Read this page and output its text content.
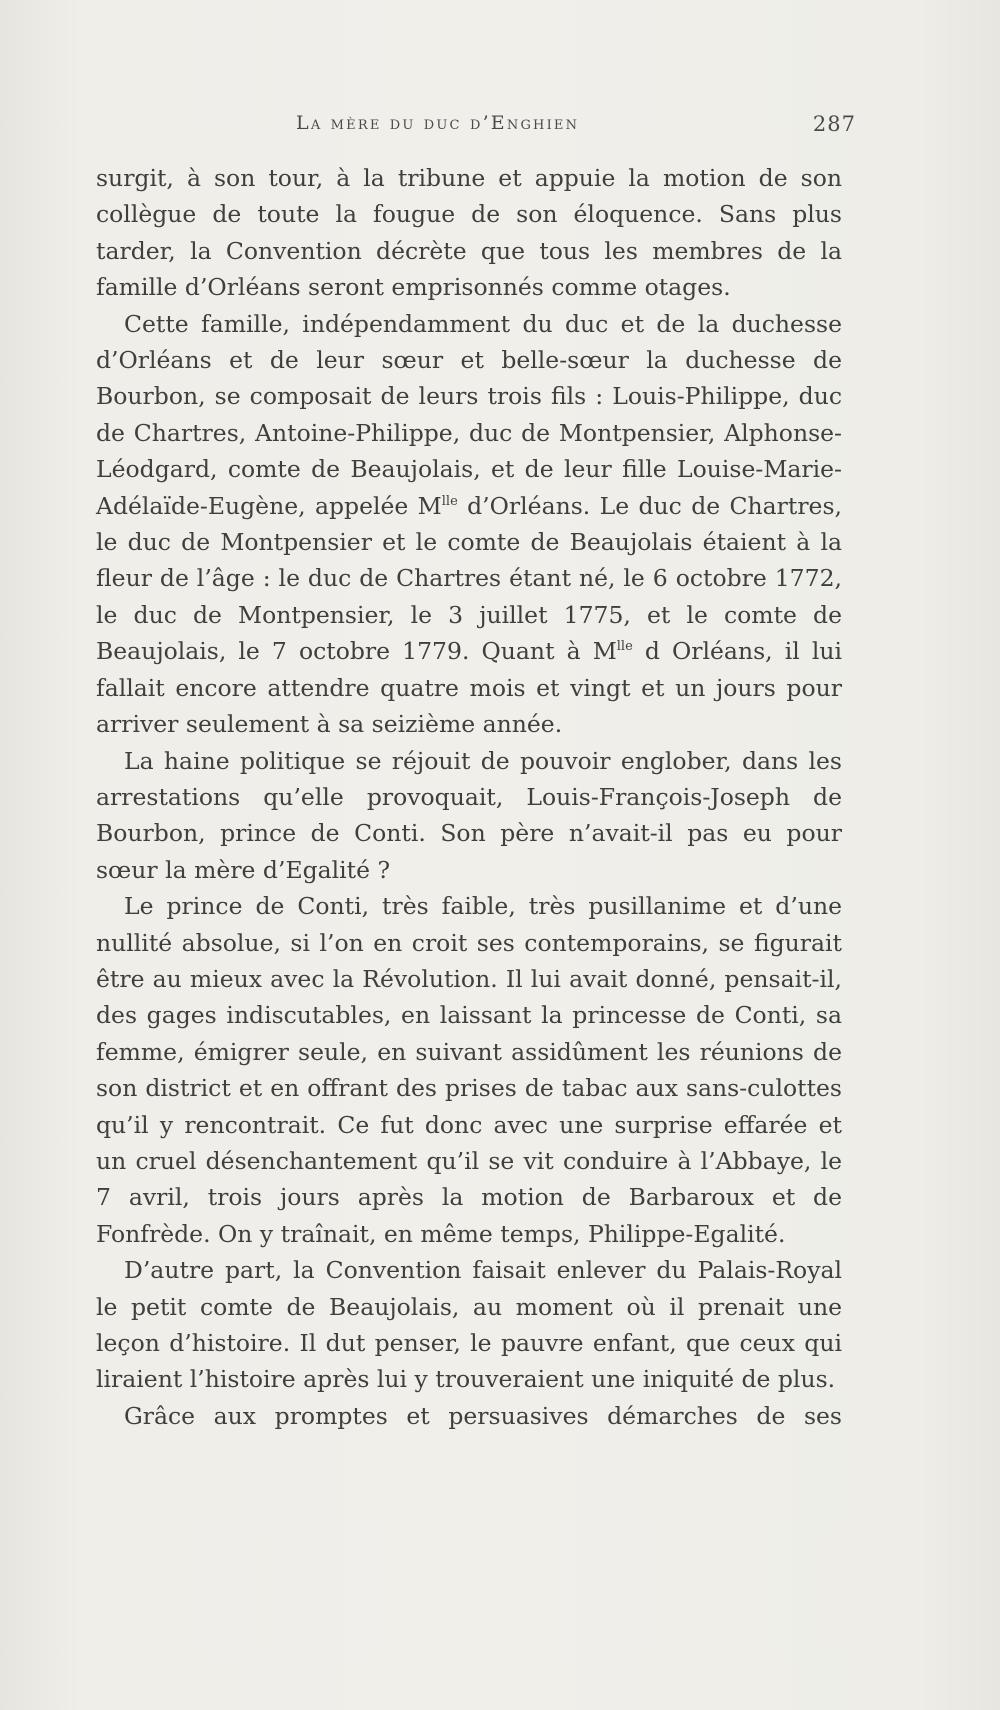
La mère du duc d’Enghien	287

surgit, à son tour, à la tribune et appuie la motion de son collègue de toute la fougue de son éloquence. Sans plus tarder, la Convention décrète que tous les membres de la famille d’Orléans seront emprisonnés comme otages.

Cette famille, indépendamment du duc et de la duchesse d’Orléans et de leur sœur et belle-sœur la duchesse de Bourbon, se composait de leurs trois fils : Louis-Philippe, duc de Chartres, Antoine-Philippe, duc de Montpensier, Alphonse-Léodgard, comte de Beaujolais, et de leur fille Louise-Marie-Adélaïde-Eugène, appelée $M^{lle}$ d’Orléans. Le duc de Chartres, le duc de Montpensier et le comte de Beaujolais étaient à la fleur de l’âge : le duc de Chartres étant né, le 6 octobre 1772, le duc de Montpensier, le 3 juillet 1775, et le comte de Beaujolais, le 7 octobre 1779. Quant à $M^{lle}$ d Orléans, il lui fallait encore attendre quatre mois et vingt et un jours pour arriver seulement à sa seizième année.

La haine politique se réjouit de pouvoir englober, dans les arrestations qu’elle provoquait, Louis-François-Joseph de Bourbon, prince de Conti. Son père n’avait-il pas eu pour sœur la mère d’Egalité ?

Le prince de Conti, très faible, très pusillanime et d’une nullité absolue, si l’on en croit ses contemporains, se figurait être au mieux avec la Révolution. Il lui avait donné, pensait-il, des gages indiscutables, en laissant la princesse de Conti, sa femme, émigrer seule, en suivant assidûment les réunions de son district et en offrant des prises de tabac aux sans-culottes qu’il y rencontrait. Ce fut donc avec une surprise effarée et un cruel désenchantement qu’il se vit conduire à l’Abbaye, le 7 avril, trois jours après la motion de Barbaroux et de Fonfrède. On y traînait, en même temps, Philippe-Egalité.

D’autre part, la Convention faisait enlever du Palais-Royal le petit comte de Beaujolais, au moment où il prenait une leçon d’histoire. Il dut penser, le pauvre enfant, que ceux qui liraient l’histoire après lui y trouveraient une iniquité de plus.

Grâce aux promptes et persuasives démarches de ses
